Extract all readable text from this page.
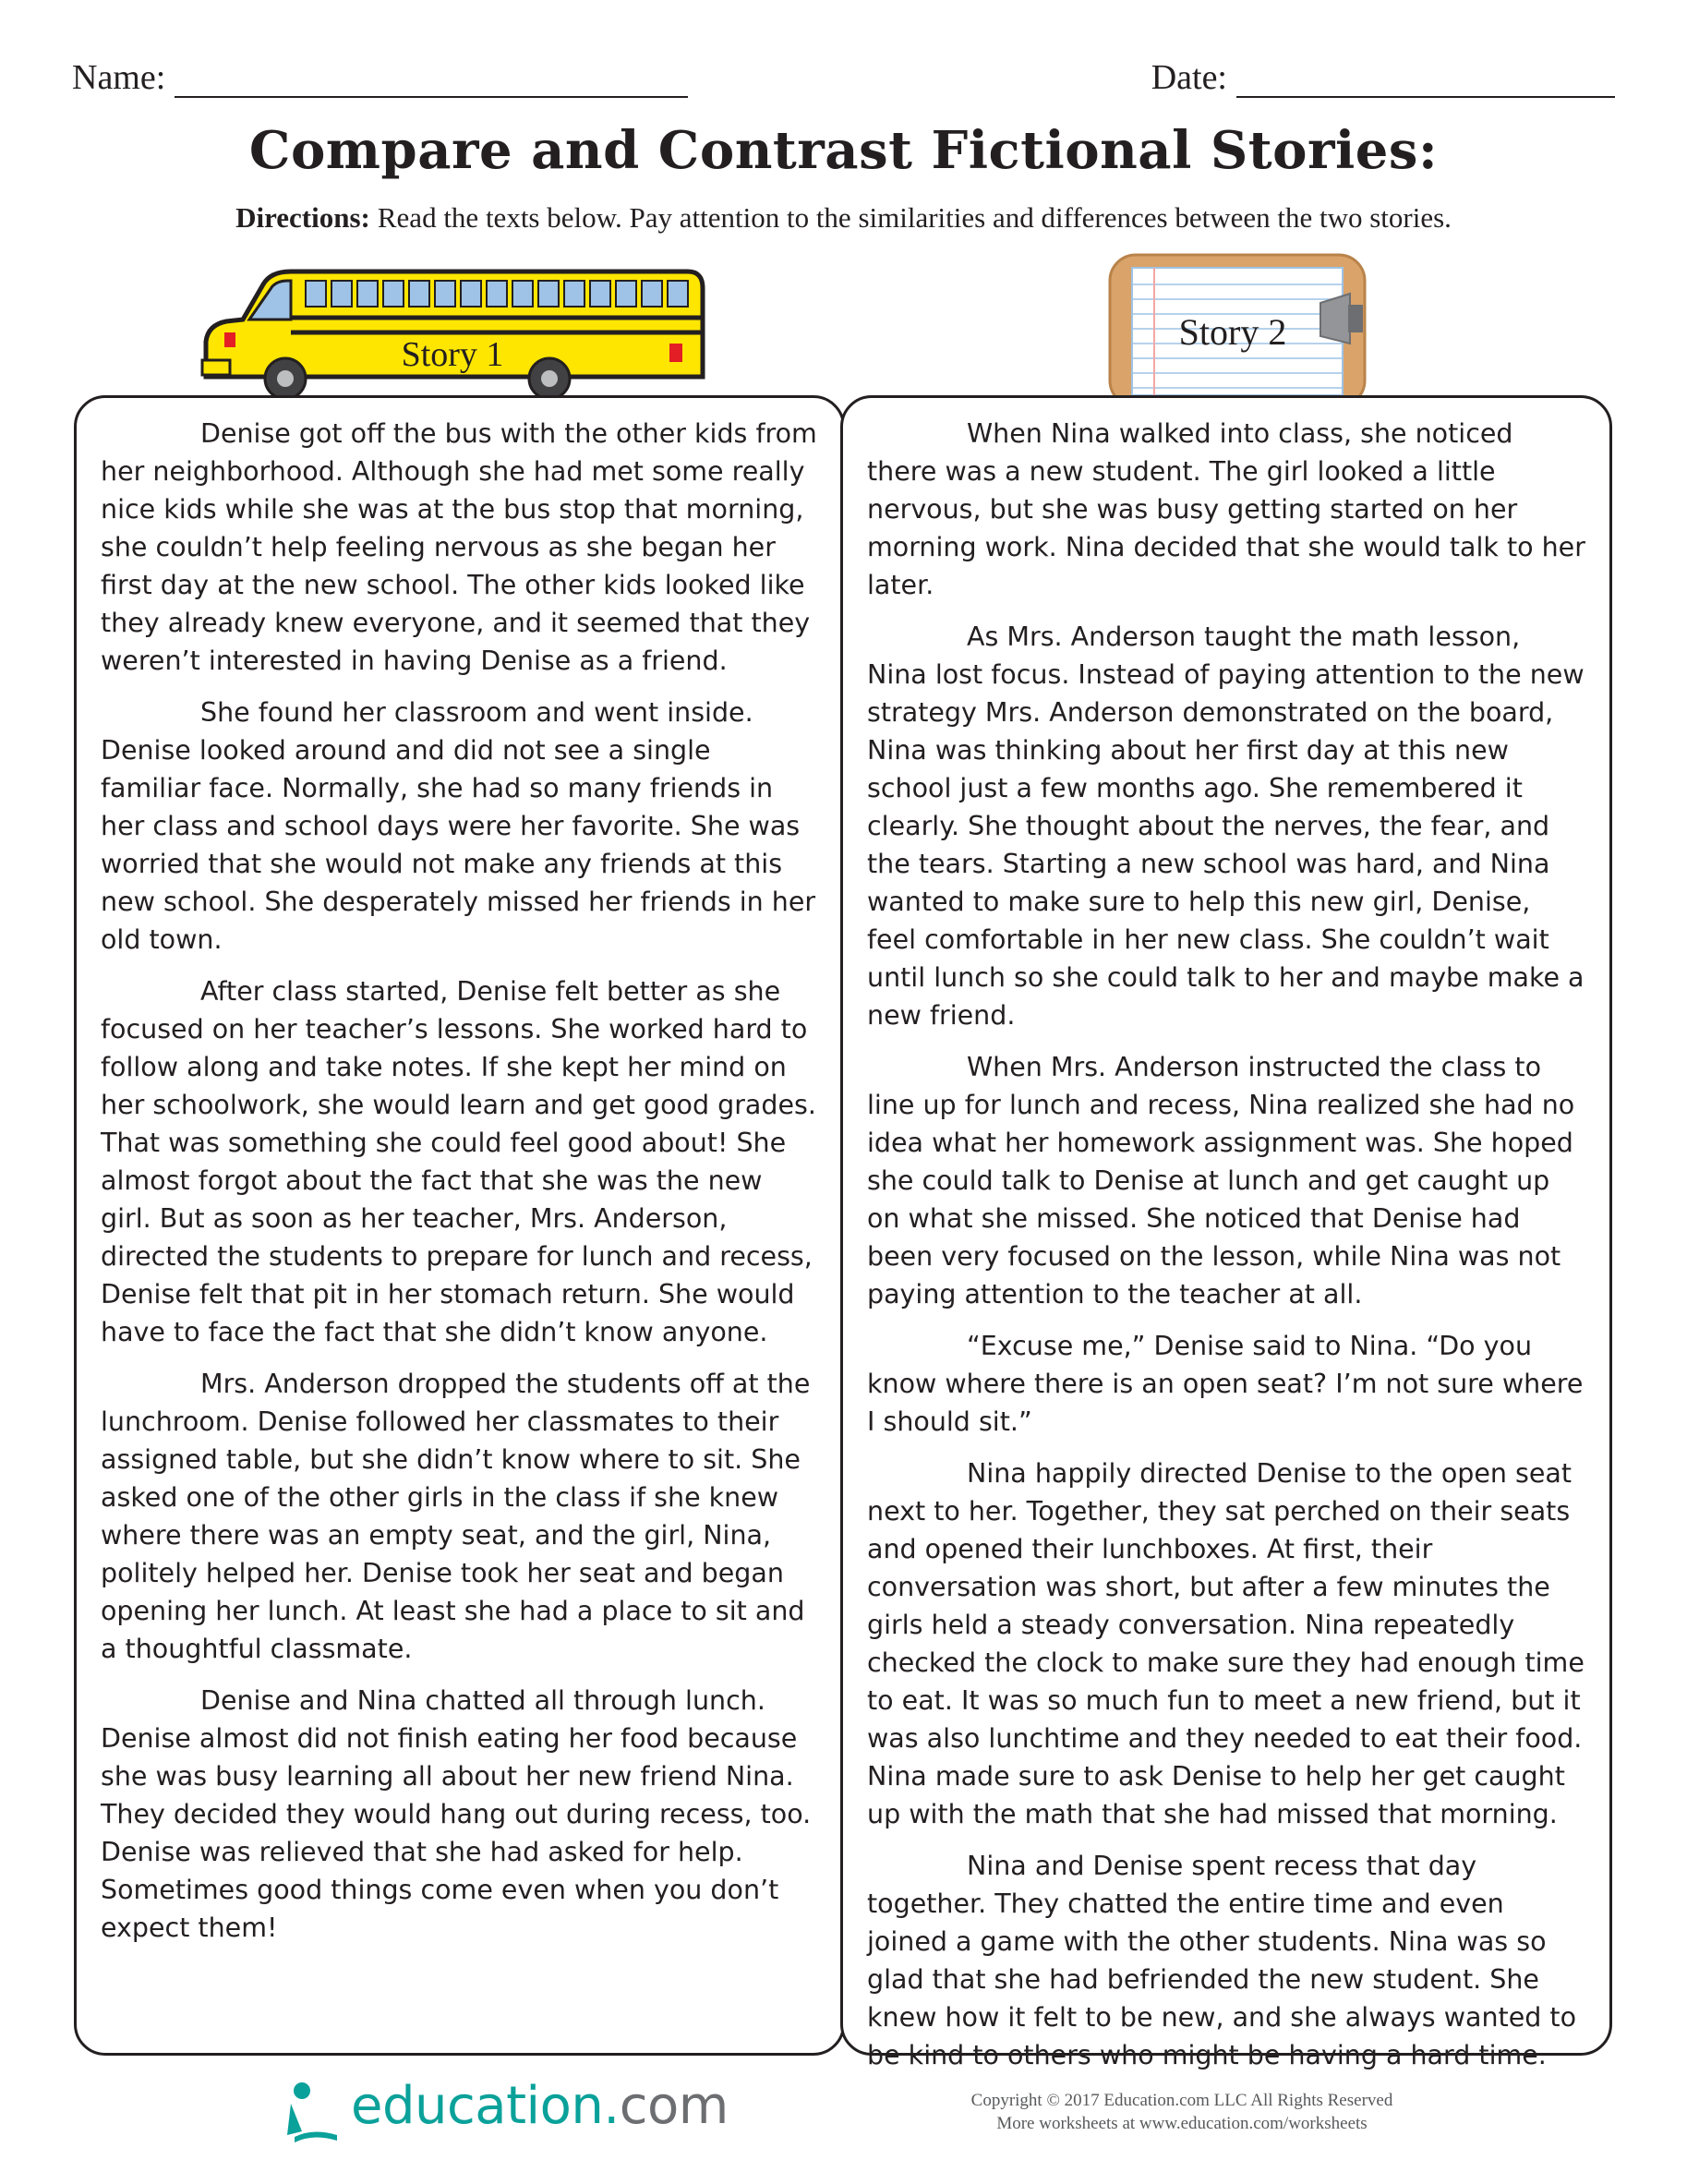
Name:	Date:
Compare and Contrast Fictional Stories:
Directions: Read the texts below. Pay attention to the similarities and differences between the two stories.
Story 1
Story 2

Denise got off the bus with the other kids from her neighborhood. Although she had met some really nice kids while she was at the bus stop that morning, she couldn’t help feeling nervous as she began her first day at the new school. The other kids looked like they already knew everyone, and it seemed that they weren’t interested in having Denise as a friend.

She found her classroom and went inside. Denise looked around and did not see a single familiar face. Normally, she had so many friends in her class and school days were her favorite. She was worried that she would not make any friends at this new school. She desperately missed her friends in her old town.

After class started, Denise felt better as she focused on her teacher’s lessons. She worked hard to follow along and take notes. If she kept her mind on her schoolwork, she would learn and get good grades. That was something she could feel good about! She almost forgot about the fact that she was the new girl. But as soon as her teacher, Mrs. Anderson, directed the students to prepare for lunch and recess, Denise felt that pit in her stomach return. She would have to face the fact that she didn’t know anyone.

Mrs. Anderson dropped the students off at the lunchroom. Denise followed her classmates to their assigned table, but she didn’t know where to sit. She asked one of the other girls in the class if she knew where there was an empty seat, and the girl, Nina, politely helped her. Denise took her seat and began opening her lunch. At least she had a place to sit and a thoughtful classmate.

Denise and Nina chatted all through lunch. Denise almost did not finish eating her food because she was busy learning all about her new friend Nina. They decided they would hang out during recess, too. Denise was relieved that she had asked for help. Sometimes good things come even when you don’t expect them!

When Nina walked into class, she noticed there was a new student. The girl looked a little nervous, but she was busy getting started on her morning work. Nina decided that she would talk to her later.

As Mrs. Anderson taught the math lesson, Nina lost focus. Instead of paying attention to the new strategy Mrs. Anderson demonstrated on the board, Nina was thinking about her first day at this new school just a few months ago. She remembered it clearly. She thought about the nerves, the fear, and the tears. Starting a new school was hard, and Nina wanted to make sure to help this new girl, Denise, feel comfortable in her new class. She couldn’t wait until lunch so she could talk to her and maybe make a new friend.

When Mrs. Anderson instructed the class to line up for lunch and recess, Nina realized she had no idea what her homework assignment was. She hoped she could talk to Denise at lunch and get caught up on what she missed. She noticed that Denise had been very focused on the lesson, while Nina was not paying attention to the teacher at all.

“Excuse me,” Denise said to Nina. “Do you know where there is an open seat? I’m not sure where I should sit.”

Nina happily directed Denise to the open seat next to her. Together, they sat perched on their seats and opened their lunchboxes. At first, their conversation was short, but after a few minutes the girls held a steady conversation. Nina repeatedly checked the clock to make sure they had enough time to eat. It was so much fun to meet a new friend, but it was also lunchtime and they needed to eat their food. Nina made sure to ask Denise to help her get caught up with the math that she had missed that morning.

Nina and Denise spent recess that day together. They chatted the entire time and even joined a game with the other students. Nina was so glad that she had befriended the new student. She knew how it felt to be new, and she always wanted to be kind to others who might be having a hard time.

education.com	Copyright © 2017 Education.com LLC All Rights Reserved
More worksheets at www.education.com/worksheets
